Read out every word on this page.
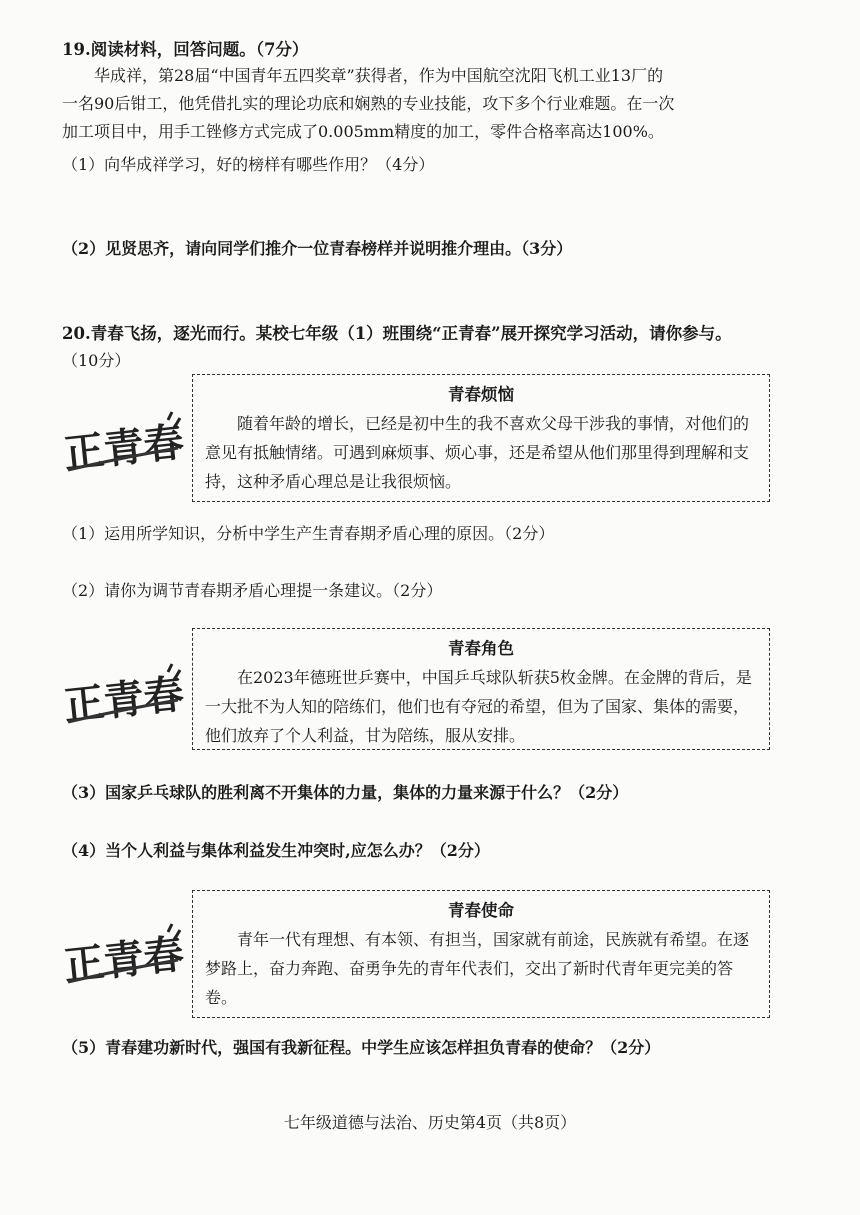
19.阅读材料，回答问题。（7分）
华成祥，第28届“中国青年五四奖章”获得者，作为中国航空沈阳飞机工业13厂的
一名90后钳工，他凭借扎实的理论功底和娴熟的专业技能，攻下多个行业难题。在一次
加工项目中，用手工锉修方式完成了0.005mm精度的加工，零件合格率高达100%。
（1）向华成祥学习，好的榜样有哪些作用？（4分）
（2）见贤思齐，请向同学们推介一位青春榜样并说明推介理由。（3分）
20.青春飞扬，逐光而行。某校七年级（1）班围绕“正青春”展开探究学习活动，请你参与。
（10分）
正青春
青春烦恼
随着年龄的增长，已经是初中生的我不喜欢父母干涉我的事情，对他们的意见有抵触情绪。可遇到麻烦事、烦心事，还是希望从他们那里得到理解和支持，这种矛盾心理总是让我很烦恼。
（1）运用所学知识，分析中学生产生青春期矛盾心理的原因。（2分）
（2）请你为调节青春期矛盾心理提一条建议。（2分）
正青春
青春角色
在2023年德班世乒赛中，中国乒乓球队斩获5枚金牌。在金牌的背后，是一大批不为人知的陪练们，他们也有夺冠的希望，但为了国家、集体的需要，他们放弃了个人利益，甘为陪练，服从安排。
（3）国家乒乓球队的胜利离不开集体的力量，集体的力量来源于什么？（2分）
（4）当个人利益与集体利益发生冲突时,应怎么办？（2分）
正青春
青春使命
青年一代有理想、有本领、有担当，国家就有前途，民族就有希望。在逐梦路上，奋力奔跑、奋勇争先的青年代表们，交出了新时代青年更完美的答卷。
（5）青春建功新时代，强国有我新征程。中学生应该怎样担负青春的使命？（2分）
七年级道德与法治、历史第4页（共8页）
